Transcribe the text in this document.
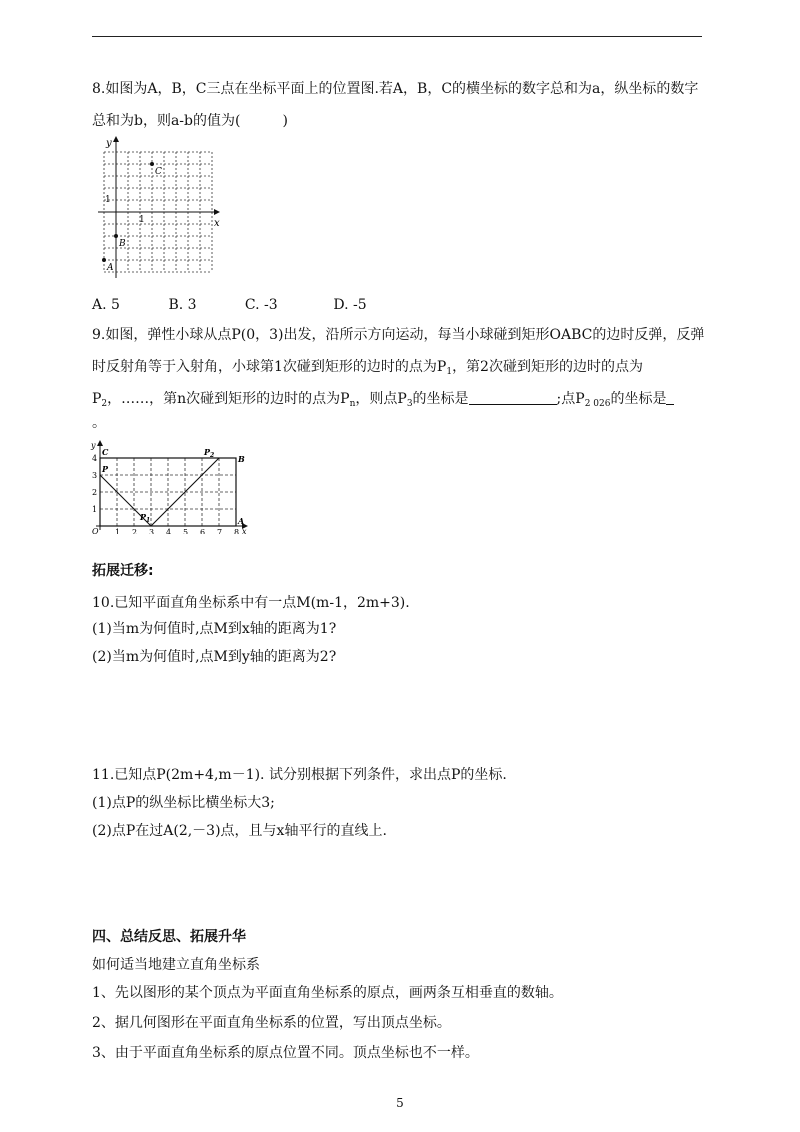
8.如图为A，B，C三点在坐标平面上的位置图.若A，B，C的横坐标的数字总和为a，纵坐标的数字
总和为b，则a-b的值为(　　　)
x
y
1
1
A
B
C
A. 5	B. 3	C. -3	D. -5
9.如图，弹性小球从点P(0，3)出发，沿所示方向运动，每当小球碰到矩形OABC的边时反弹，反弹
时反射角等于入射角，小球第1次碰到矩形的边时的点为$P_1$，第2次碰到矩形的边时的点为
$P_2$，……，第n次碰到矩形的边时的点为$P_n$，则点$P_3$的坐标是	;点$P_{2 026}$的坐标是
。
1 2 3 4 5 6 7 8
1
2
3
4
O	x
y
C
B
A
P
$P_1$
$P_2$
拓展迁移:
10.已知平面直角坐标系中有一点M(m-1，2m+3).
(1)当m为何值时,点M到x轴的距离为1?
(2)当m为何值时,点M到y轴的距离为2?
11.已知点P(2m+4,m－1). 试分别根据下列条件，求出点P的坐标.
(1)点P的纵坐标比横坐标大3;
(2)点P在过A(2,－3)点，且与x轴平行的直线上.
四、总结反思、拓展升华
如何适当地建立直角坐标系
1、先以图形的某个顶点为平面直角坐标系的原点，画两条互相垂直的数轴。
2、据几何图形在平面直角坐标系的位置，写出顶点坐标。
3、由于平面直角坐标系的原点位置不同。顶点坐标也不一样。
5
